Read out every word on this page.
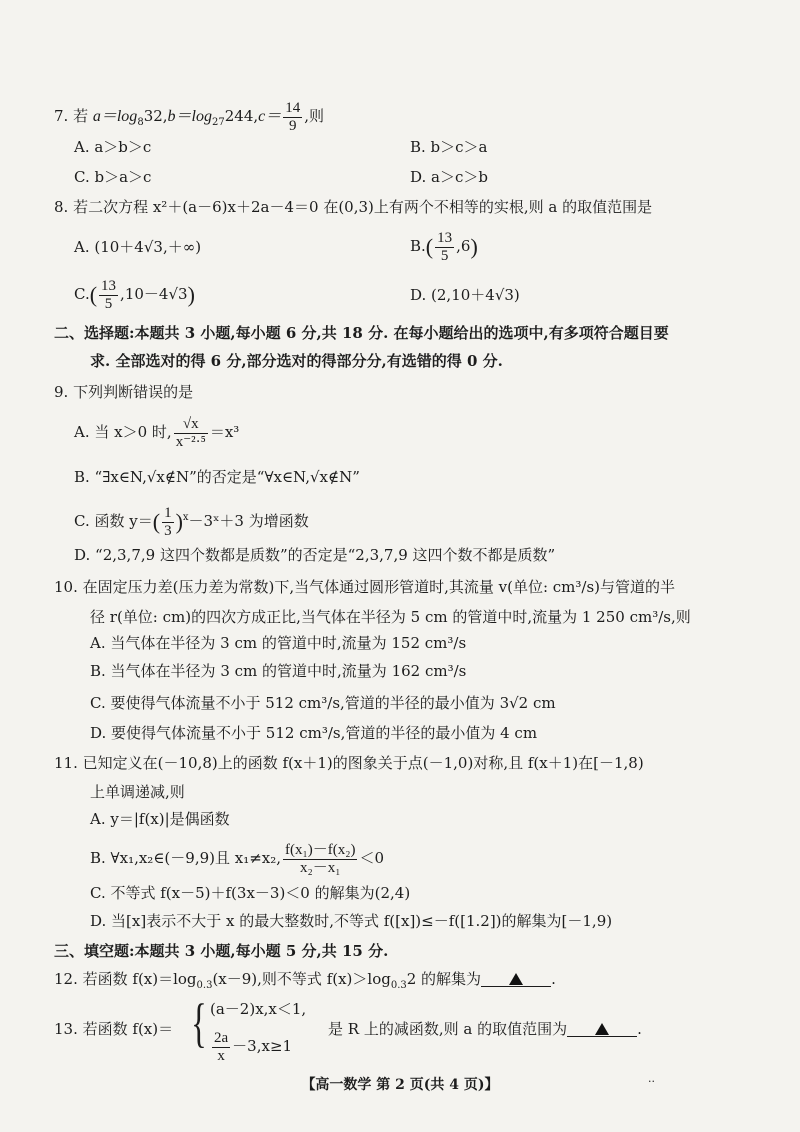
7. 若 $a=\log_832,b=\log_{27}244,c= \frac{14}{9}$ ,则
A. a＞b＞c	B. b＞c＞a
C. b＞a＞c	D. a＞c＞b
8. 若二次方程 x²＋(a－6)x＋2a－4＝0 在(0,3)上有两个不相等的实根,则 a 的取值范围是
A. (10＋4√3,＋∞)	$B.( \frac{13}{5} ,6)$
$C.( \frac{13}{5} ,10-4√3)$	D. (2,10＋4√3)
二、选择题:本题共 3 小题,每小题 6 分,共 18 分. 在每小题给出的选项中,有多项符合题目要
求. 全部选对的得 6 分,部分选对的得部分分,有选错的得 0 分.
9. 下列判断错误的是
A. 当 x＞0 时, $\frac{√x}{\text{x⁻²·⁵}} =x^3$
B. “∃x∈N,√x∉N”的否定是“∀x∈N,√x∉N”
C. 函数 $y=( \frac{1}{3}$ )$^x-3ˣ+3$ 为增函数
D. “2,3,7,9 这四个数都是质数”的否定是“2,3,7,9 这四个数不都是质数”
10. 在固定压力差(压力差为常数)下,当气体通过圆形管道时,其流量 v(单位: cm³/s)与管道的半
径 r(单位: cm)的四次方成正比,当气体在半径为 5 cm 的管道中时,流量为 1 250 cm³/s,则
A. 当气体在半径为 3 cm 的管道中时,流量为 152 cm³/s
B. 当气体在半径为 3 cm 的管道中时,流量为 162 cm³/s
C. 要使得气体流量不小于 512 cm³/s,管道的半径的最小值为 3√2 cm
D. 要使得气体流量不小于 512 cm³/s,管道的半径的最小值为 4 cm
11. 已知定义在(－10,8)上的函数 f(x＋1)的图象关于点(－1,0)对称,且 f(x＋1)在[－1,8)
上单调递减,则
A. y＝|f(x)|是偶函数
B. ∀x₁,x₂∈(－9,9)且 x₁≠x₂, $\frac{\text{f(x₁)－f(x₂)}}{\text{x₂－x₁}} <0$
C. 不等式 f(x－5)＋f(3x－3)＜0 的解集为(2,4)
D. 当[x]表示不大于 x 的最大整数时,不等式 f([x])≤－f([1.2])的解集为[－1,9)
三、填空题:本题共 3 小题,每小题 5 分,共 15 分.
12. 若函数 $f(x)=\log_{0.3}(x-9)$,则不等式 $f(x)>\log_{0.3}2$ 的解集为	.
13. 若函数 f(x)＝ { (a－2)x,x＜1,
$\frac{2a}{x} -3,x\ge 1$
是 R 上的减函数,则 a 的取值范围为	.
【高一数学 第 2 页(共 4 页)】	··
